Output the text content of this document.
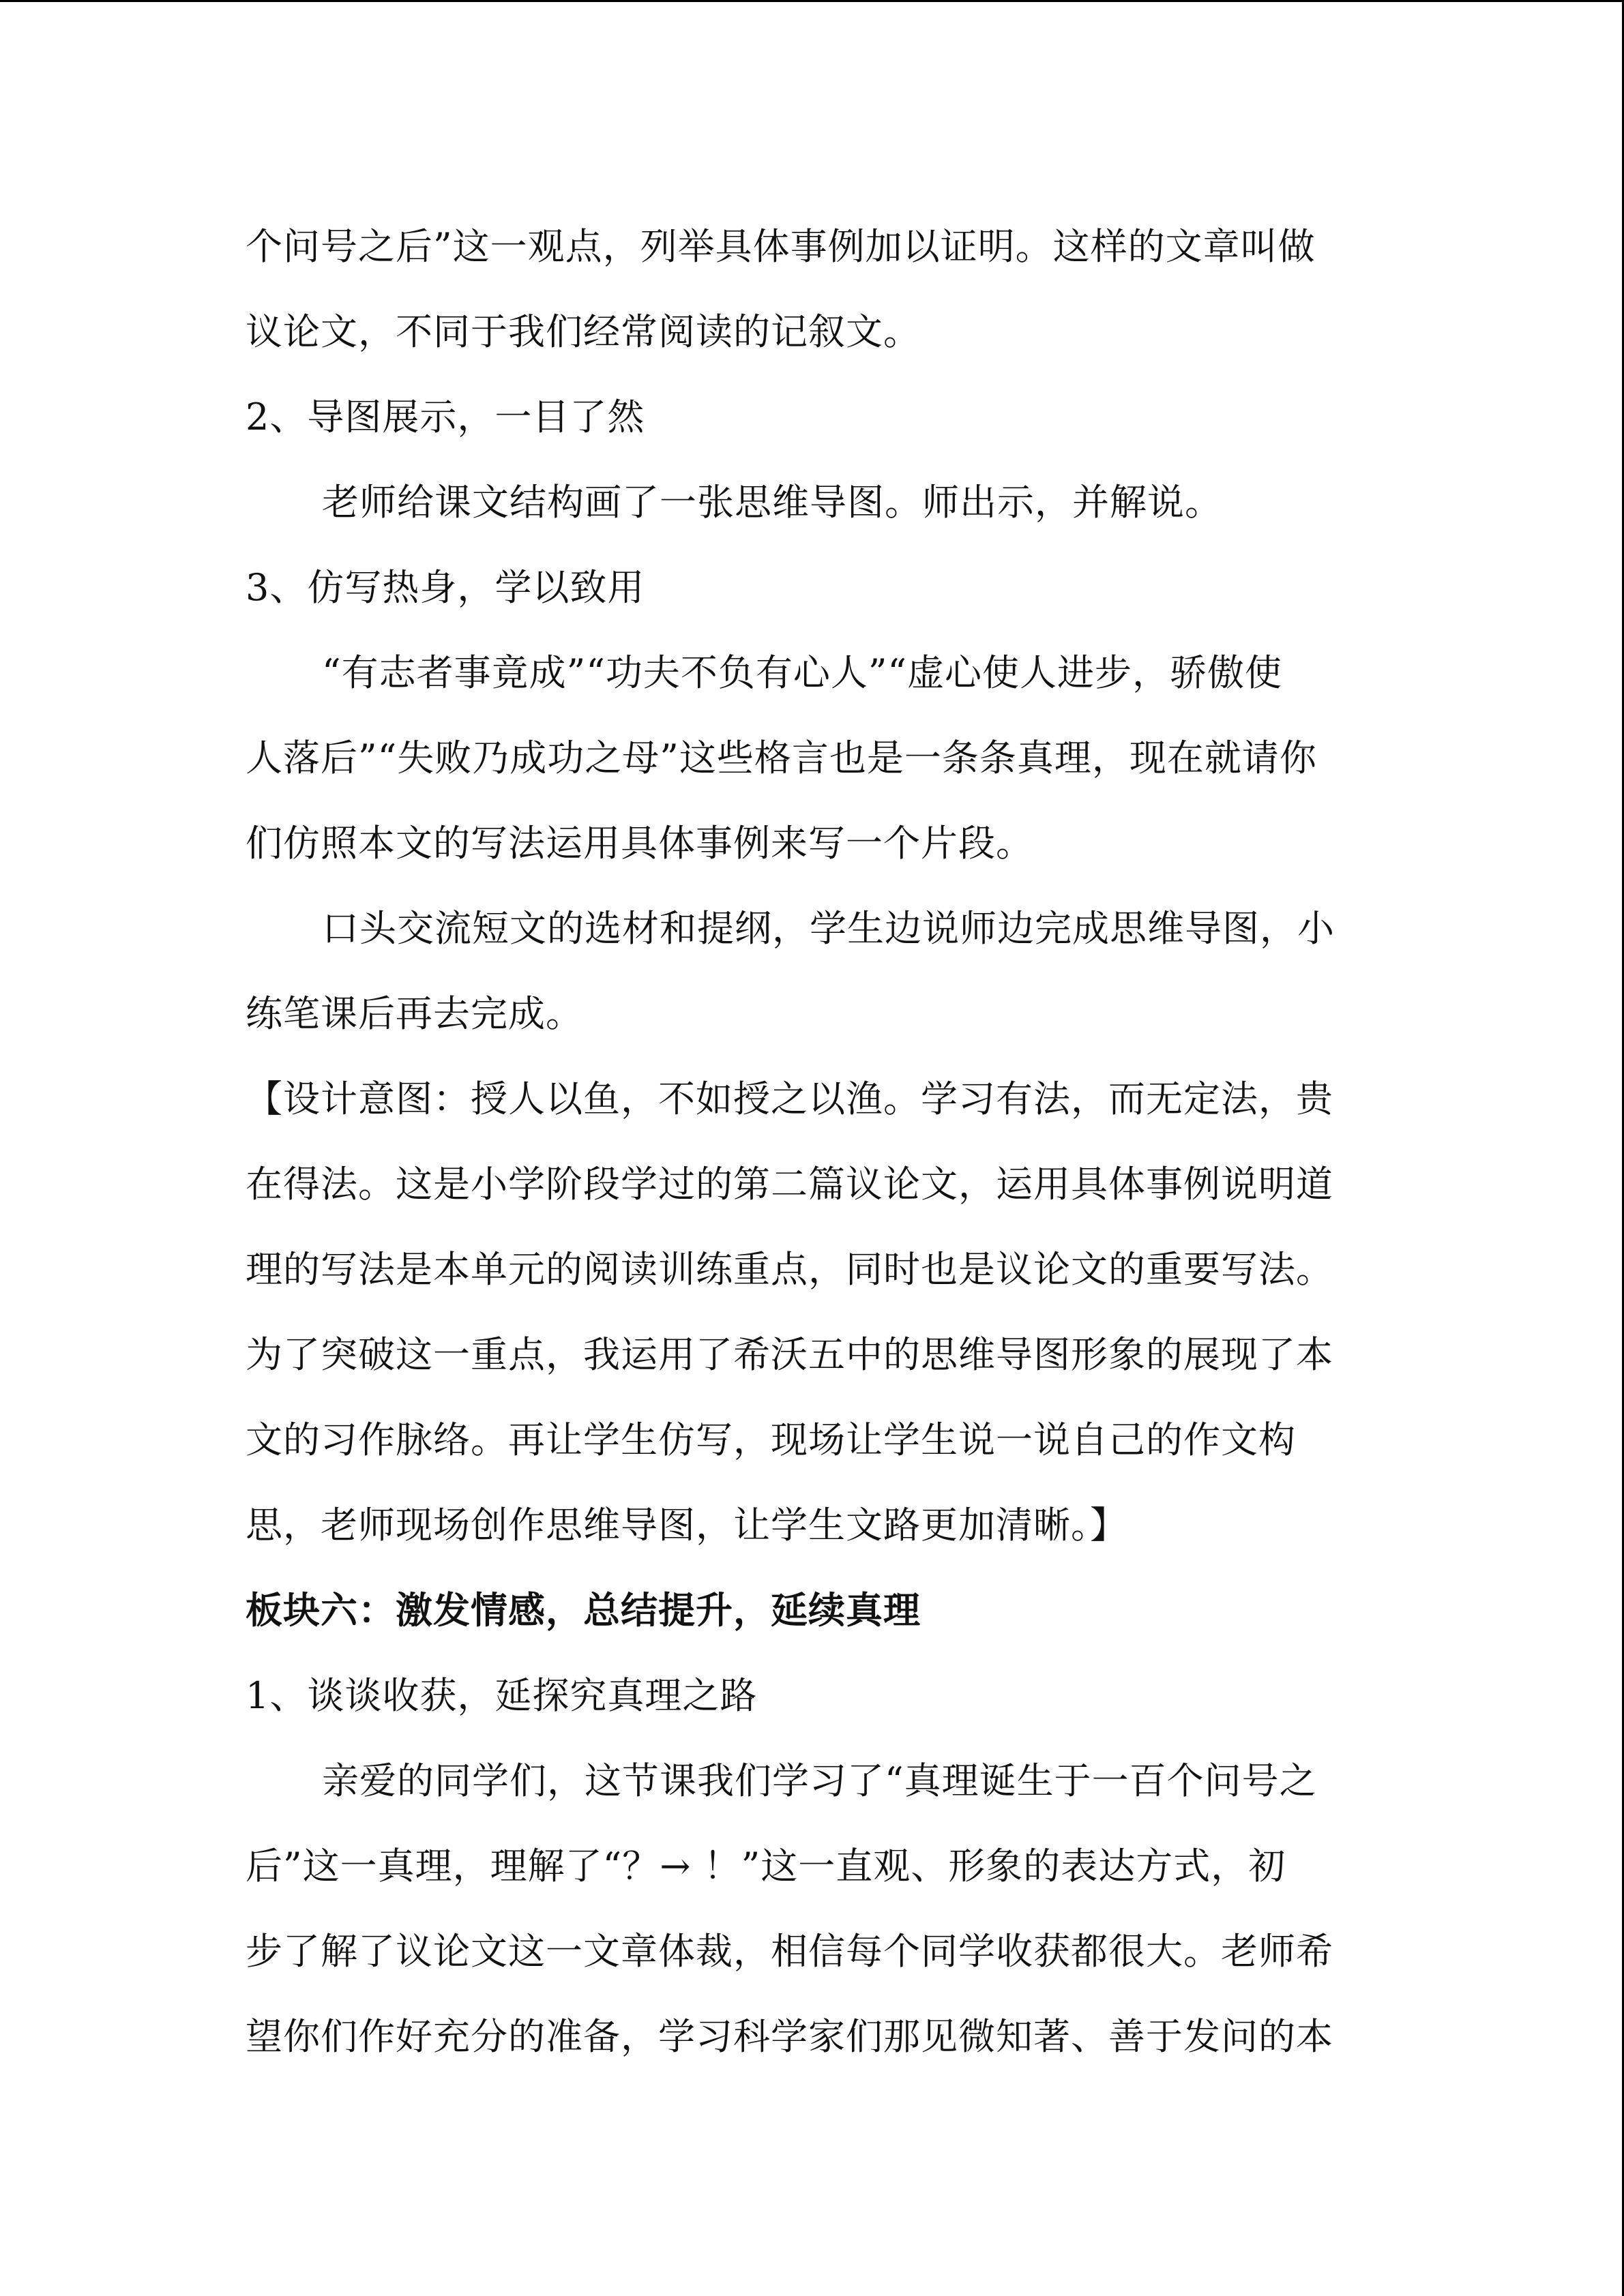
个问号之后”这一观点，列举具体事例加以证明。这样的文章叫做
议论文，不同于我们经常阅读的记叙文。
2、导图展示，一目了然
老师给课文结构画了一张思维导图。师出示，并解说。
3、仿写热身，学以致用
“有志者事竟成”“功夫不负有心人”“虚心使人进步，骄傲使
人落后”“失败乃成功之母”这些格言也是一条条真理，现在就请你
们仿照本文的写法运用具体事例来写一个片段。
口头交流短文的选材和提纲，学生边说师边完成思维导图，小
练笔课后再去完成。
【设计意图：授人以鱼，不如授之以渔。学习有法，而无定法，贵
在得法。这是小学阶段学过的第二篇议论文，运用具体事例说明道
理的写法是本单元的阅读训练重点，同时也是议论文的重要写法。
为了突破这一重点，我运用了希沃五中的思维导图形象的展现了本
文的习作脉络。再让学生仿写，现场让学生说一说自己的作文构
思，老师现场创作思维导图，让学生文路更加清晰。】
板块六：激发情感，总结提升，延续真理
1、谈谈收获，延探究真理之路
亲爱的同学们，这节课我们学习了“真理诞生于一百个问号之
后”这一真理，理解了“？→ ！”这一直观、形象的表达方式，初
步了解了议论文这一文章体裁，相信每个同学收获都很大。老师希
望你们作好充分的准备，学习科学家们那见微知著、善于发问的本
